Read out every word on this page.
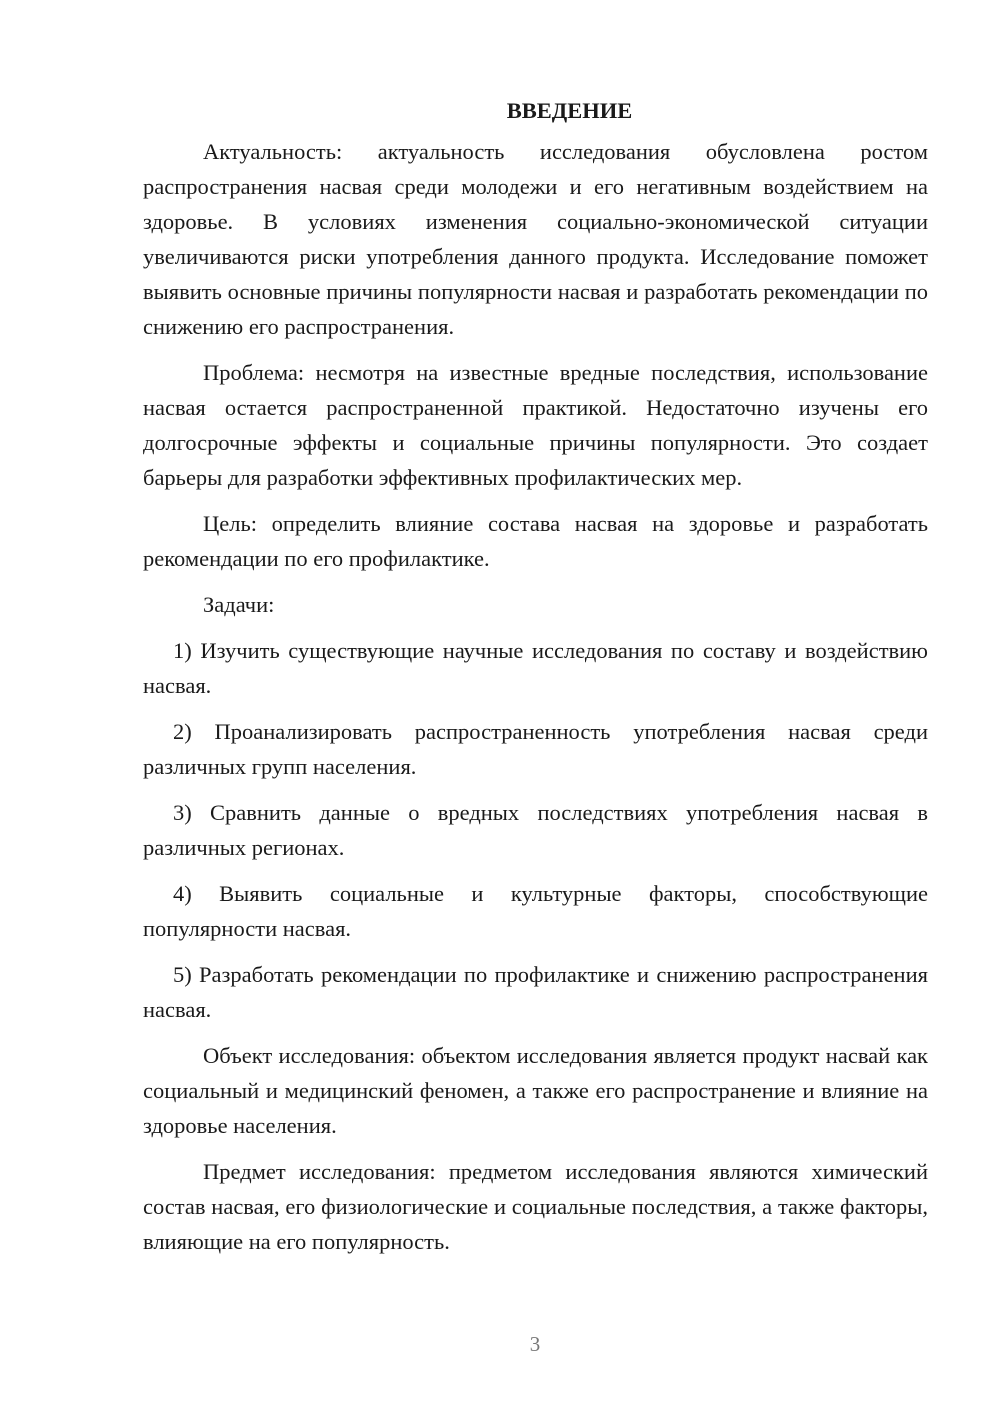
ВВЕДЕНИЕ

Актуальность: актуальность исследования обусловлена ростом распространения насвая среди молодежи и его негативным воздействием на здоровье. В условиях изменения социально-экономической ситуации увеличиваются риски употребления данного продукта. Исследование поможет выявить основные причины популярности насвая и разработать рекомендации по снижению его распространения.

Проблема: несмотря на известные вредные последствия, использование насвая остается распространенной практикой. Недостаточно изучены его долгосрочные эффекты и социальные причины популярности. Это создает барьеры для разработки эффективных профилактических мер.

Цель: определить влияние состава насвая на здоровье и разработать рекомендации по его профилактике.

Задачи:

1) Изучить существующие научные исследования по составу и воздействию насвая.

2) Проанализировать распространенность употребления насвая среди различных групп населения.

3) Сравнить данные о вредных последствиях употребления насвая в различных регионах.

4) Выявить социальные и культурные факторы, способствующие популярности насвая.

5) Разработать рекомендации по профилактике и снижению распространения насвая.

Объект исследования: объектом исследования является продукт насвай как социальный и медицинский феномен, а также его распространение и влияние на здоровье населения.

Предмет исследования: предметом исследования являются химический состав насвая, его физиологические и социальные последствия, а также факторы, влияющие на его популярность.

3
